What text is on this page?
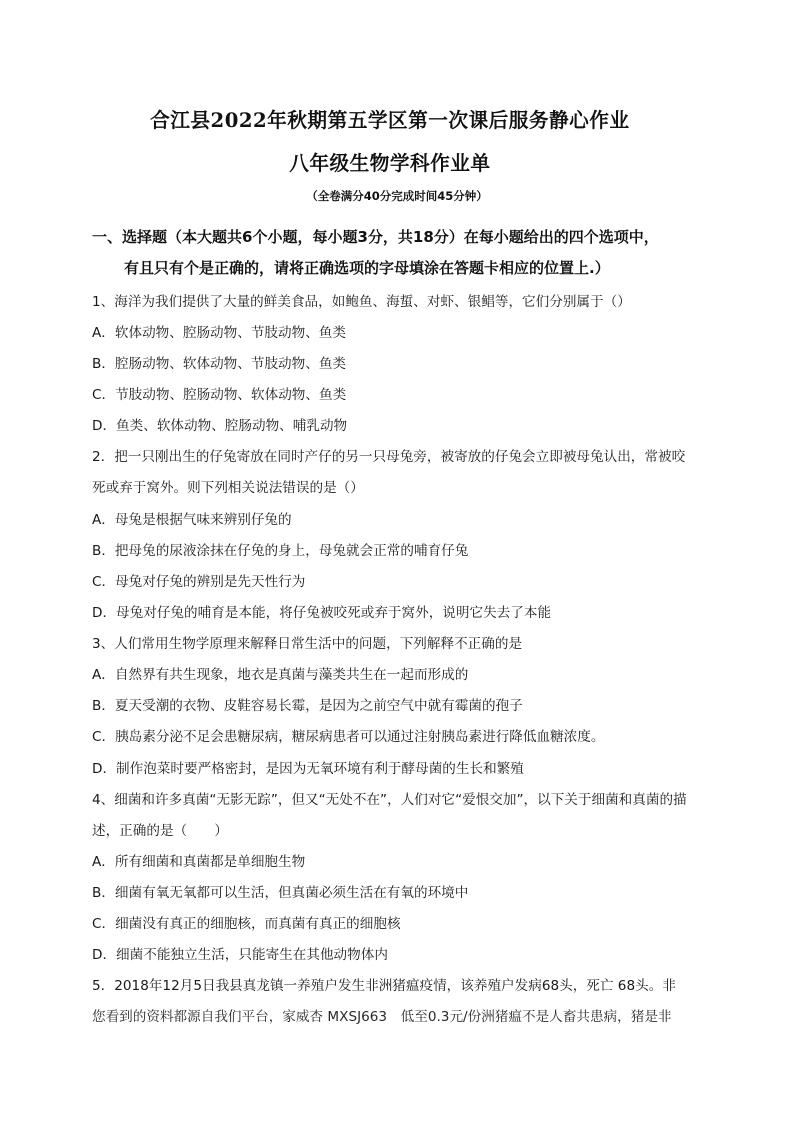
合江县2022年秋期第五学区第一次课后服务静心作业
八年级生物学科作业单
（全卷满分40分完成时间45分钟）
一、选择题（本大题共6个小题，每小题3分，共18分）在每小题给出的四个选项中，
有且只有个是正确的，请将正确选项的字母填涂在答题卡相应的位置上.）
1、海洋为我们提供了大量的鲜美食品，如鲍鱼、海蜇、对虾、银鲳等，它们分别属于（）
A．软体动物、腔肠动物、节肢动物、鱼类
B．腔肠动物、软体动物、节肢动物、鱼类
C．节肢动物、腔肠动物、软体动物、鱼类
D．鱼类、软体动物、腔肠动物、哺乳动物
2．把一只刚出生的仔兔寄放在同时产仔的另一只母兔旁，被寄放的仔兔会立即被母兔认出，常被咬
死或弃于窝外。则下列相关说法错误的是（）
A．母兔是根据气味来辨别仔兔的
B．把母兔的尿液涂抹在仔兔的身上，母兔就会正常的哺育仔兔
C．母兔对仔兔的辨别是先天性行为
D．母兔对仔兔的哺育是本能，将仔兔被咬死或弃于窝外，说明它失去了本能
3、人们常用生物学原理来解释日常生活中的问题，下列解释不正确的是
A．自然界有共生现象，地衣是真菌与藻类共生在一起而形成的
B．夏天受潮的衣物、皮鞋容易长霉，是因为之前空气中就有霉菌的孢子
C．胰岛素分泌不足会患糖尿病，糖尿病患者可以通过注射胰岛素进行降低血糖浓度。
D．制作泡菜时要严格密封，是因为无氧环境有利于酵母菌的生长和繁殖
4、细菌和许多真菌“无影无踪”，但又“无处不在”，人们对它“爱恨交加”，以下关于细菌和真菌的描
述，正确的是（　　）
A．所有细菌和真菌都是单细胞生物
B．细菌有氧无氧都可以生活，但真菌必须生活在有氧的环境中
C．细菌没有真正的细胞核，而真菌有真正的细胞核
D．细菌不能独立生活，只能寄生在其他动物体内
5．2018年12月5日我县真龙镇一养殖户发生非洲猪瘟疫情，该养殖户发病68头，死亡 68头。非
您看到的资料都源自我们平台，家威杏 MXSJ663　低至0.3元/份洲猪瘟不是人畜共患病，猪是非
